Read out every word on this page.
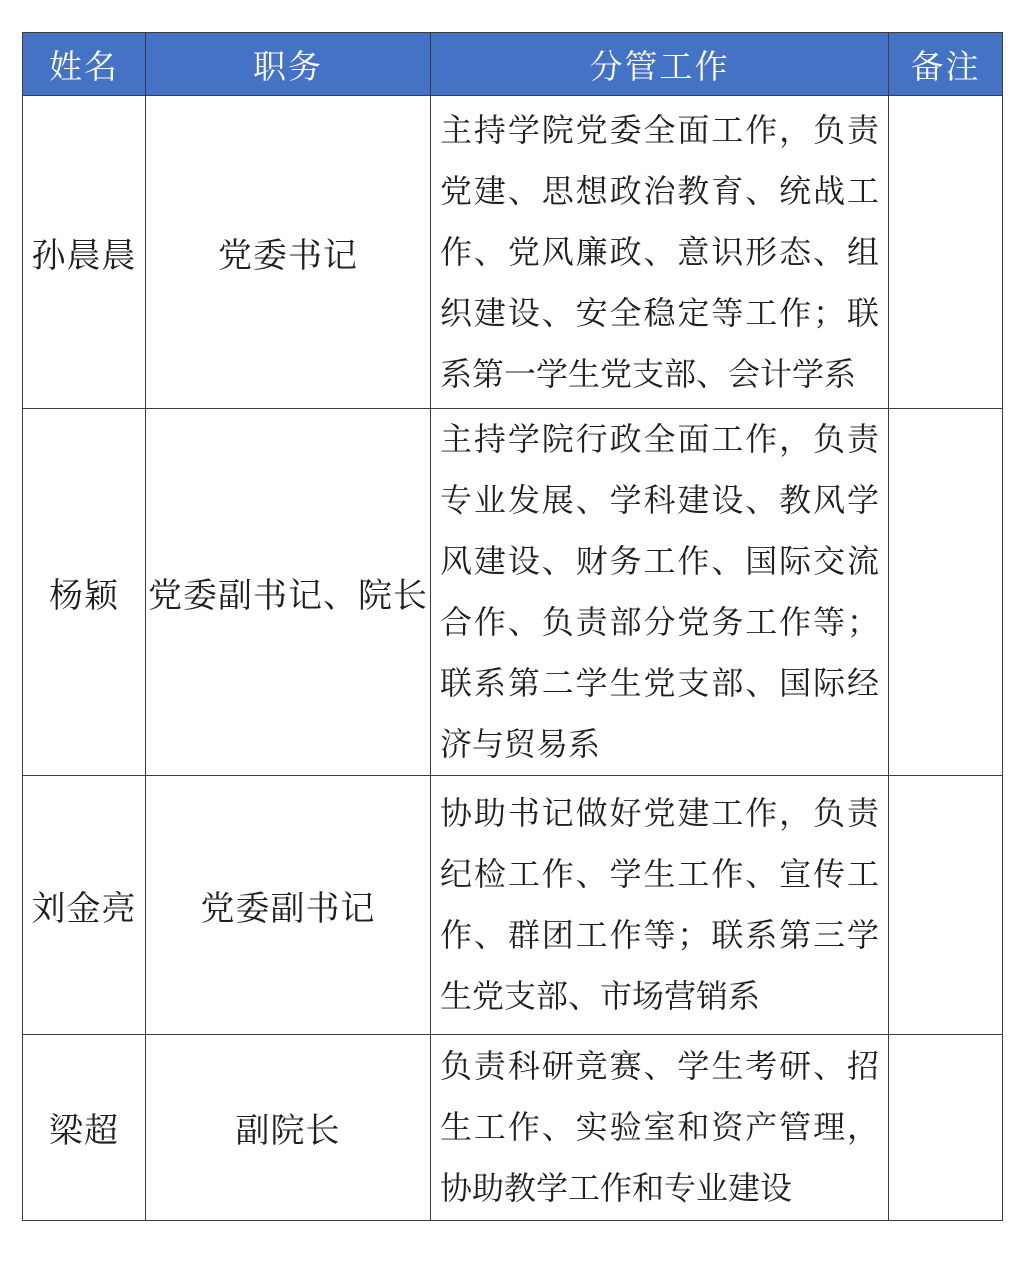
姓名	职务	分管工作	备注
孙晨晨	党委书记	主持学院党委全面工作，负责党建、思想政治教育、统战工作、党风廉政、意识形态、组织建设、安全稳定等工作；联系第一学生党支部、会计学系	
杨颖	党委副书记、院长	主持学院行政全面工作，负责专业发展、学科建设、教风学风建设、财务工作、国际交流合作、负责部分党务工作等；联系第二学生党支部、国际经济与贸易系	
刘金亮	党委副书记	协助书记做好党建工作，负责纪检工作、学生工作、宣传工作、群团工作等；联系第三学生党支部、市场营销系	
梁超	副院长	负责科研竞赛、学生考研、招生工作、实验室和资产管理，协助教学工作和专业建设	
